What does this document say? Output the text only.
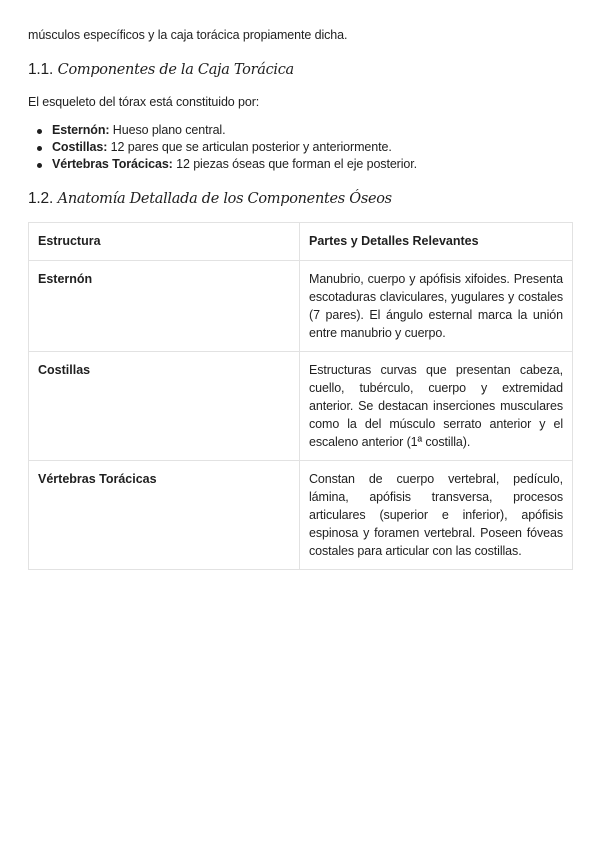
músculos específicos y la caja torácica propiamente dicha.
1.1. Componentes de la Caja Torácica
El esqueleto del tórax está constituido por:
Esternón: Hueso plano central.
Costillas: 12 pares que se articulan posterior y anteriormente.
Vértebras Torácicas: 12 piezas óseas que forman el eje posterior.
1.2. Anatomía Detallada de los Componentes Óseos
Estructura	Partes y Detalles Relevantes
Esternón	Manubrio, cuerpo y apófisis xifoides. Presenta escotaduras claviculares, yugulares y costales (7 pares). El ángulo esternal marca la unión entre manubrio y cuerpo.
Costillas	Estructuras curvas que presentan cabeza, cuello, tubérculo, cuerpo y extremidad anterior. Se destacan inserciones musculares como la del músculo serrato anterior y el escaleno anterior (1ª costilla).
Vértebras Torácicas	Constan de cuerpo vertebral, pedículo, lámina, apófisis transversa, procesos articulares (superior e inferior), apófisis espinosa y foramen vertebral. Poseen fóveas costales para articular con las costillas.
